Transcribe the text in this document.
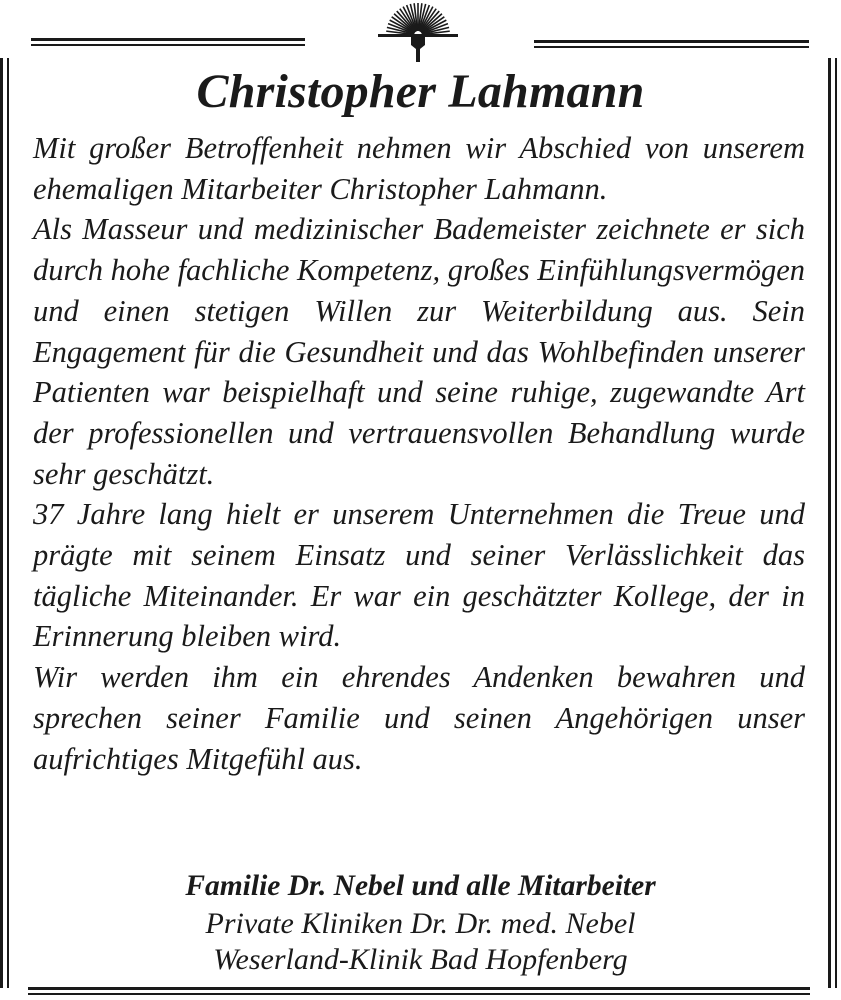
Christopher Lahmann

Mit großer Betroffenheit nehmen wir Abschied von unserem ehemaligen Mitarbeiter Christopher Lahmann.

Als Masseur und medizinischer Bademeister zeichnete er sich durch hohe fachliche Kompetenz, großes Einfühlungsvermögen und einen stetigen Willen zur Weiterbildung aus. Sein Engagement für die Gesundheit und das Wohlbefinden unserer Patienten war beispielhaft und seine ruhige, zugewandte Art der professionellen und vertrauensvollen Behandlung wurde sehr geschätzt.

37 Jahre lang hielt er unserem Unternehmen die Treue und prägte mit seinem Einsatz und seiner Verlässlichkeit das tägliche Miteinander. Er war ein geschätzter Kollege, der in Erinnerung bleiben wird.

Wir werden ihm ein ehrendes Andenken bewahren und sprechen seiner Familie und seinen Angehörigen unser aufrichtiges Mitgefühl aus.

Familie Dr. Nebel und alle Mitarbeiter
Private Kliniken Dr. Dr. med. Nebel
Weserland-Klinik Bad Hopfenberg
